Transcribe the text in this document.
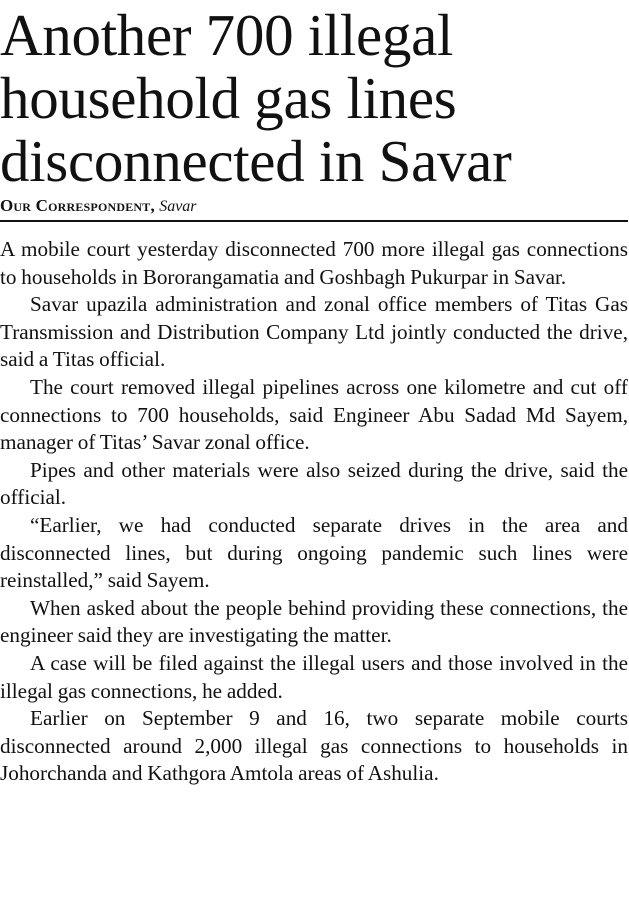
Another 700 illegal
household gas lines
disconnected in Savar
Our Correspondent, Savar

A mobile court yesterday disconnected 700 more illegal gas connections to households in Bororangamatia and Goshbagh Pukurpar in Savar.

Savar upazila administration and zonal office members of Titas Gas Transmission and Distribution Company Ltd jointly conducted the drive, said a Titas official.

The court removed illegal pipelines across one kilometre and cut off connections to 700 households, said Engineer Abu Sadad Md Sayem, manager of Titas’ Savar zonal office.

Pipes and other materials were also seized during the drive, said the official.

“Earlier, we had conducted separate drives in the area and disconnected lines, but during ongoing pandemic such lines were reinstalled,” said Sayem.

When asked about the people behind providing these connections, the engineer said they are investigating the matter.

A case will be filed against the illegal users and those involved in the illegal gas connections, he added.

Earlier on September 9 and 16, two separate mobile courts disconnected around 2,000 illegal gas connections to households in Johorchanda and Kathgora Amtola areas of Ashulia.
